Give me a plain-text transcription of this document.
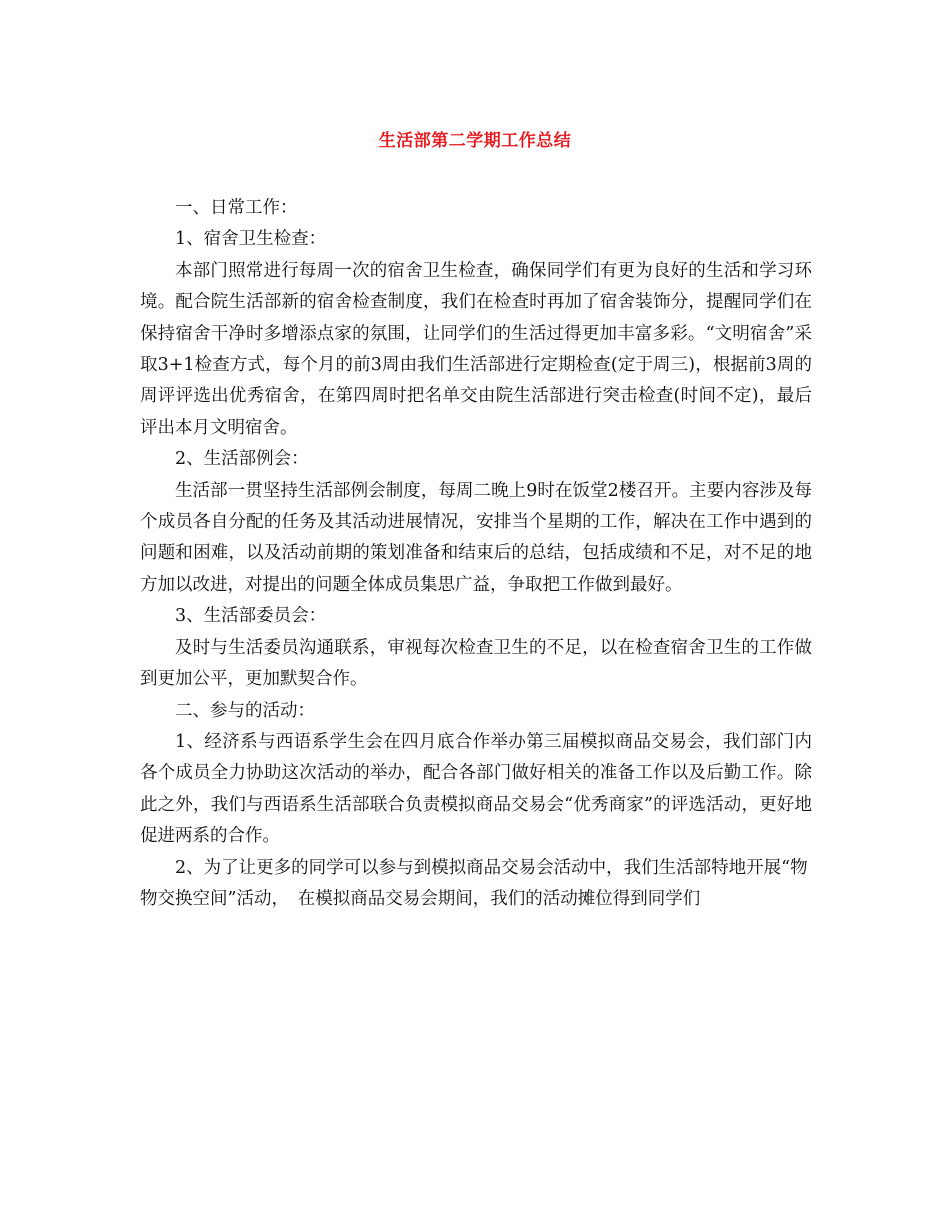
生活部第二学期工作总结

一、日常工作：

1、宿舍卫生检查：

本部门照常进行每周一次的宿舍卫生检查，确保同学们有更为良好的生活和学习环境。配合院生活部新的宿舍检查制度，我们在检查时再加了宿舍装饰分，提醒同学们在保持宿舍干净时多增添点家的氛围，让同学们的生活过得更加丰富多彩。“文明宿舍”采取3+1检查方式，每个月的前3周由我们生活部进行定期检查(定于周三)，根据前3周的周评评选出优秀宿舍，在第四周时把名单交由院生活部进行突击检查(时间不定)，最后评出本月文明宿舍。

2、生活部例会：

生活部一贯坚持生活部例会制度，每周二晚上9时在饭堂2楼召开。主要内容涉及每个成员各自分配的任务及其活动进展情况，安排当个星期的工作，解决在工作中遇到的问题和困难，以及活动前期的策划准备和结束后的总结，包括成绩和不足，对不足的地方加以改进，对提出的问题全体成员集思广益，争取把工作做到最好。

3、生活部委员会：

及时与生活委员沟通联系，审视每次检查卫生的不足，以在检查宿舍卫生的工作做到更加公平，更加默契合作。

二、参与的活动：

1、经济系与西语系学生会在四月底合作举办第三届模拟商品交易会，我们部门内各个成员全力协助这次活动的举办，配合各部门做好相关的准备工作以及后勤工作。除此之外，我们与西语系生活部联合负责模拟商品交易会“优秀商家”的评选活动，更好地促进两系的合作。

2、为了让更多的同学可以参与到模拟商品交易会活动中，我们生活部特地开展“物物交换空间”活动，　在模拟商品交易会期间，我们的活动摊位得到同学们
